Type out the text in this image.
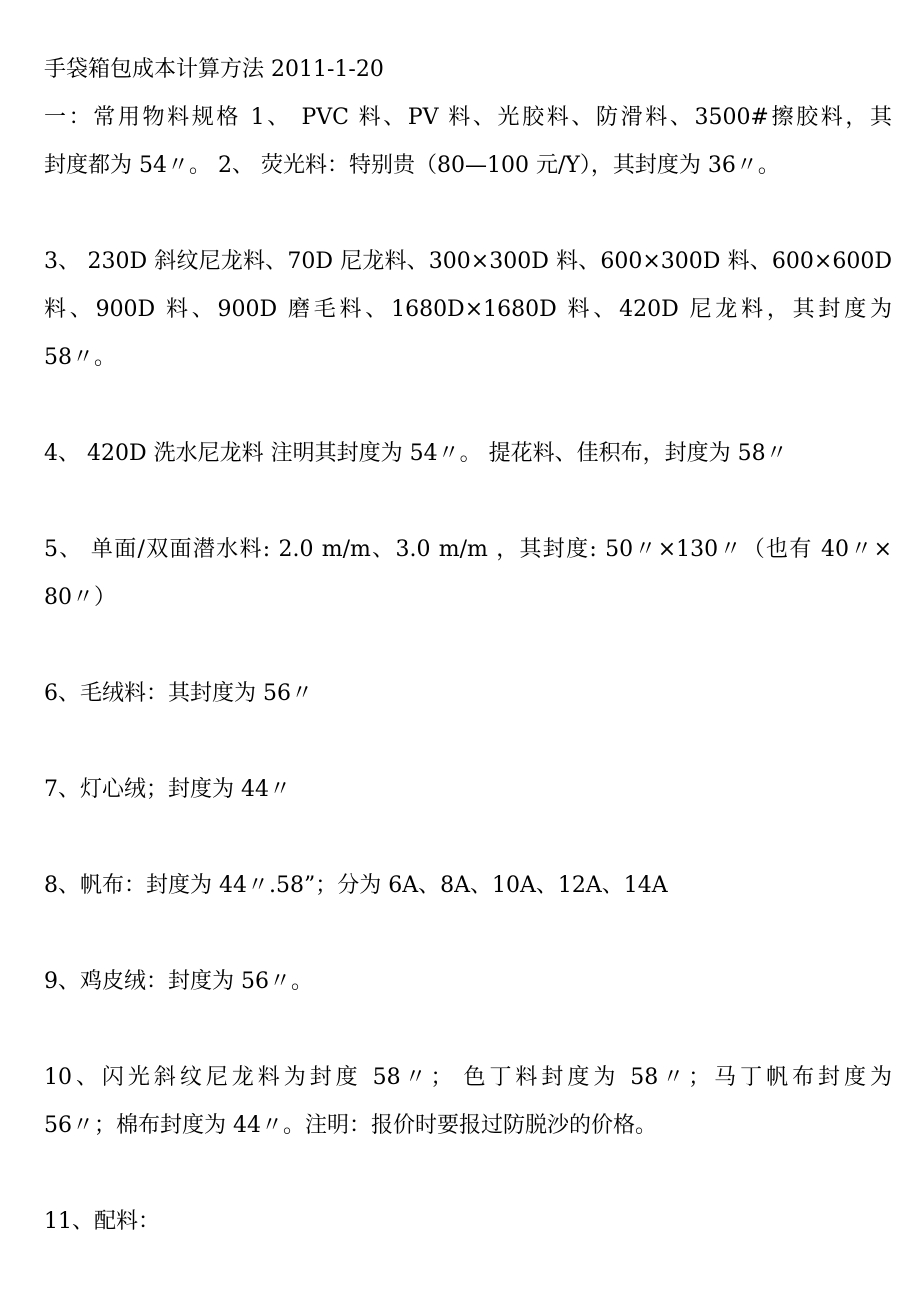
手袋箱包成本计算方法 2011-1-20
一：常用物料规格 1、 PVC 料、PV 料、光胶料、防滑料、3500#擦胶料，其
封度都为 54〃。 2、 荧光料：特别贵（80—100 元/Y），其封度为 36〃。
3、 230D 斜纹尼龙料、70D 尼龙料、300×300D 料、600×300D 料、600×600D
料、900D 料、900D 磨毛料、1680D×1680D 料、420D 尼龙料，其封度为
58〃。
4、 420D 洗水尼龙料 注明其封度为 54〃。 提花料、佳积布，封度为 58〃
5、 单面/双面潜水料: 2.0 m/m、3.0 m/m ，其封度: 50〃×130〃（也有 40〃×
80〃）
6、毛绒料：其封度为 56〃
7、灯心绒；封度为 44〃
8、帆布：封度为 44〃.58”；分为 6A、8A、10A、12A、14A
9、鸡皮绒：封度为 56〃。
10、闪光斜纹尼龙料为封度 58〃； 色丁料封度为 58〃；马丁帆布封度为
56〃；棉布封度为 44〃。注明：报价时要报过防脱沙的价格。
11、配料：
